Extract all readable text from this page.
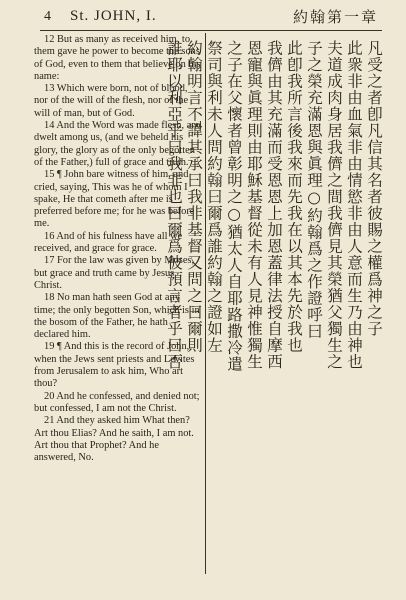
4 St. JOHN, I.	約翰第一章

12 But as many as received him, to them gave he power to become the sons of God, even to them that believe on his name:

13 Which were born, not of blood, nor of the will of the flesh, nor of the will of man, but of God.

14 And the Word was made flesh, and dwelt among us, (and we beheld his glory, the glory as of the only begotten of the Father,) full of grace and truth.

15 ¶ John bare witness of him, and cried, saying, This was he of whom I spake, He that cometh after me is preferred before me; for he was before me.

16 And of his fulness have all we received, and grace for grace.

17 For the law was given by Moses, but grace and truth came by Jesus Christ.

18 No man hath seen God at any time; the only begotten Son, which is in the bosom of the Father, he hath declared him.

19 ¶ And this is the record of John, when the Jews sent priests and Levites from Jerusalem to ask him, Who art thou?

20 And he confessed, and denied not; but confessed, I am not the Christ.

21 And they asked him What then? Art thou Elias? And he saith, I am not. Art thou that Prophet? And he answered, No.

凡受之者卽凡信其名者彼賜之權爲神之子
此衆非由血氣非由情慾非由人意而生乃由神也
夫道成肉身居我儕之間我儕見其榮猶父獨生之
子之榮充滿恩與眞理○約翰爲之作證呼曰
此卽我所言後我來而先我在以其本先於我也
我儕由其充滿而受恩恩上加恩蓋律法授自摩西
恩寵與眞理則由耶穌基督從未有人見神惟獨生
之子在父懷者曾彰明之○猶太人自耶路撒冷遣
祭司與利未人問約翰曰爾爲誰約翰之證如左
約翰明言不諱其承曰我非基督又問之曰爾則
誰耶以利亞乎曰我非也曰爾爲彼預言者乎曰否
